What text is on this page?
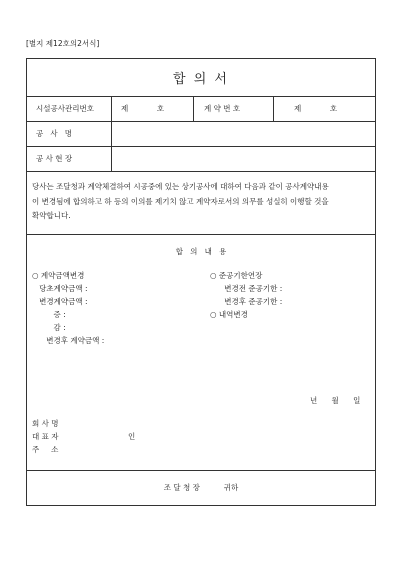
[별지 제12호의2서식]
합 의 서
시설공사관리번호	제            호	계 약 번 호	제            호
공   사   명
공 사 현 장
당사는 조달청과 계약체결하여 시공중에 있는 상기공사에 대하여 다음과 같이 공사계약내용
이 변경됨에 합의하고 하 등의 이의를 제기치 않고 계약자로서의 의무를 성실히 이행할 것을
확약합니다.
합   의   내   용
○ 계약금액변경
당초계약금액 :
변경계약금액 :
증 :
감 :
변경후 계약금액 :
○ 준공기한연장
변경전 준공기한 :
변경후 준공기한 :
○ 내역변경
년      월      일
회 사 명
대 표 자	인
주     소
조 달 청 장          귀하
